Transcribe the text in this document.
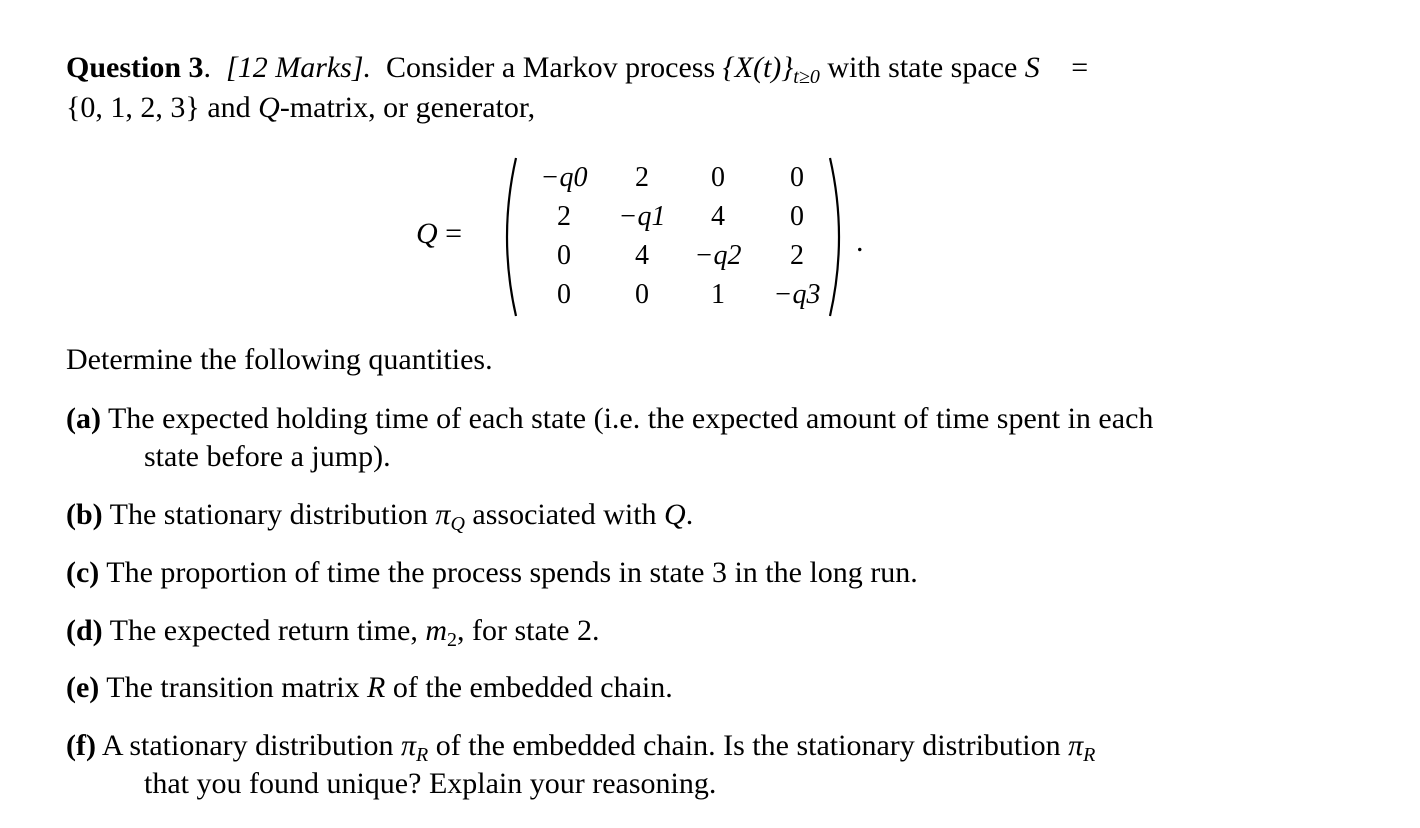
Question 3. [12 Marks]. Consider a Markov process $\{X(t)\}_{t\ge 0}$ with state space S =
{0, 1, 2, 3} and Q-matrix, or generator,
Q =
−q0	2	0	0
2	−q1	4	0
0	4	−q2	2
0	0	1	−q3
.
Determine the following quantities.
(a) The expected holding time of each state (i.e. the expected amount of time spent in each
state before a jump).
(b) The stationary distribution $\pi_Q$ associated with Q.
(c) The proportion of time the process spends in state 3 in the long run.
(d) The expected return time, $m_2$, for state 2.
(e) The transition matrix R of the embedded chain.
(f) A stationary distribution $\pi_R$ of the embedded chain. Is the stationary distribution $\pi_R$
that you found unique? Explain your reasoning.
